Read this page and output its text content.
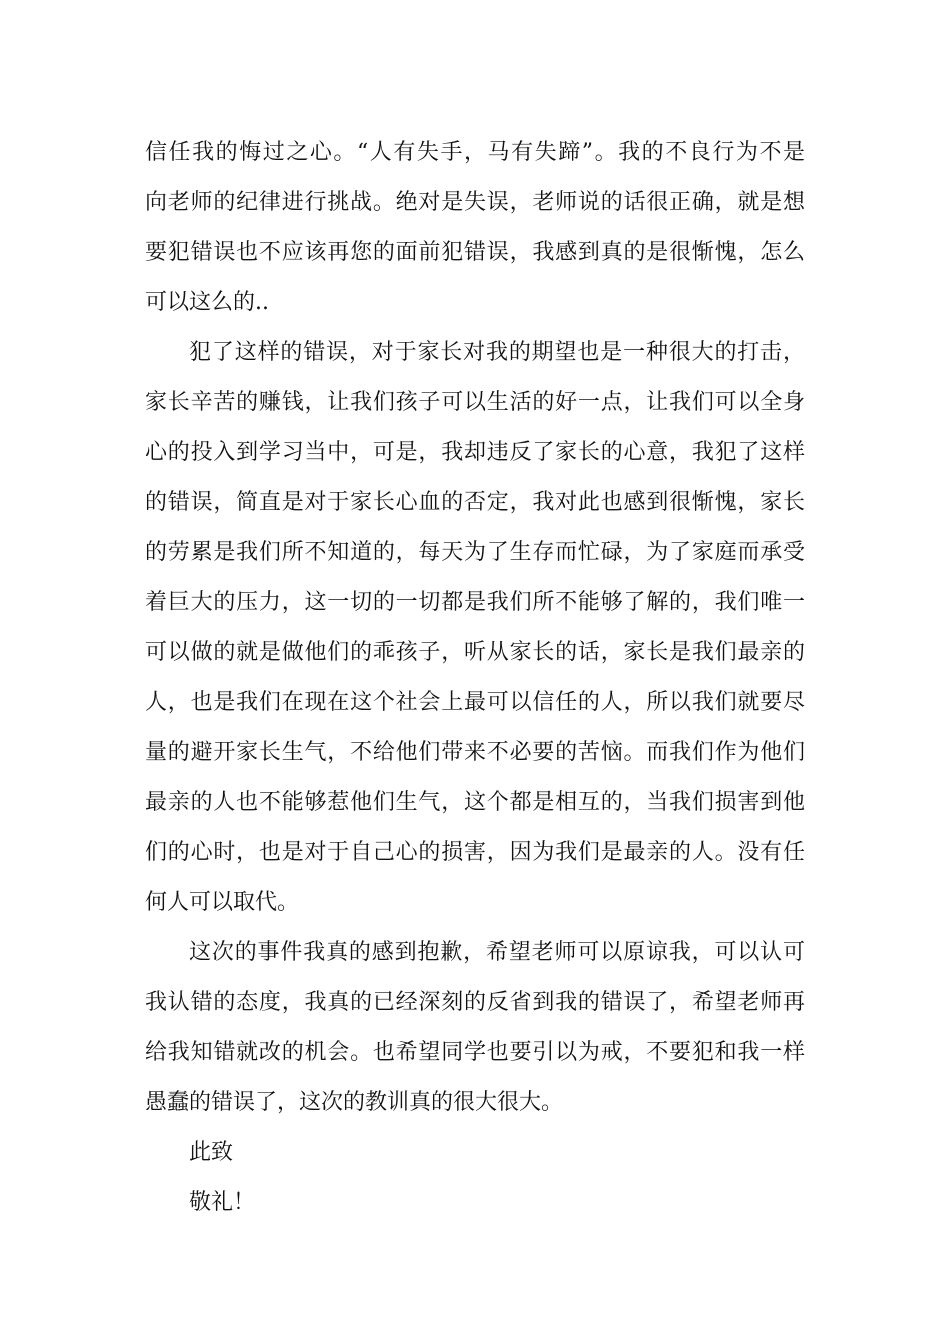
信任我的悔过之心。“人有失手，马有失蹄”。我的不良行为不是
向老师的纪律进行挑战。绝对是失误，老师说的话很正确，就是想
要犯错误也不应该再您的面前犯错误，我感到真的是很惭愧，怎么
可以这么的..

犯了这样的错误，对于家长对我的期望也是一种很大的打击，
家长辛苦的赚钱，让我们孩子可以生活的好一点，让我们可以全身
心的投入到学习当中，可是，我却违反了家长的心意，我犯了这样
的错误，简直是对于家长心血的否定，我对此也感到很惭愧，家长
的劳累是我们所不知道的，每天为了生存而忙碌，为了家庭而承受
着巨大的压力，这一切的一切都是我们所不能够了解的，我们唯一
可以做的就是做他们的乖孩子，听从家长的话，家长是我们最亲的
人，也是我们在现在这个社会上最可以信任的人，所以我们就要尽
量的避开家长生气，不给他们带来不必要的苦恼。而我们作为他们
最亲的人也不能够惹他们生气，这个都是相互的，当我们损害到他
们的心时，也是对于自己心的损害，因为我们是最亲的人。没有任
何人可以取代。

这次的事件我真的感到抱歉，希望老师可以原谅我，可以认可
我认错的态度，我真的已经深刻的反省到我的错误了，希望老师再
给我知错就改的机会。也希望同学也要引以为戒，不要犯和我一样
愚蠢的错误了，这次的教训真的很大很大。

此致

敬礼！
